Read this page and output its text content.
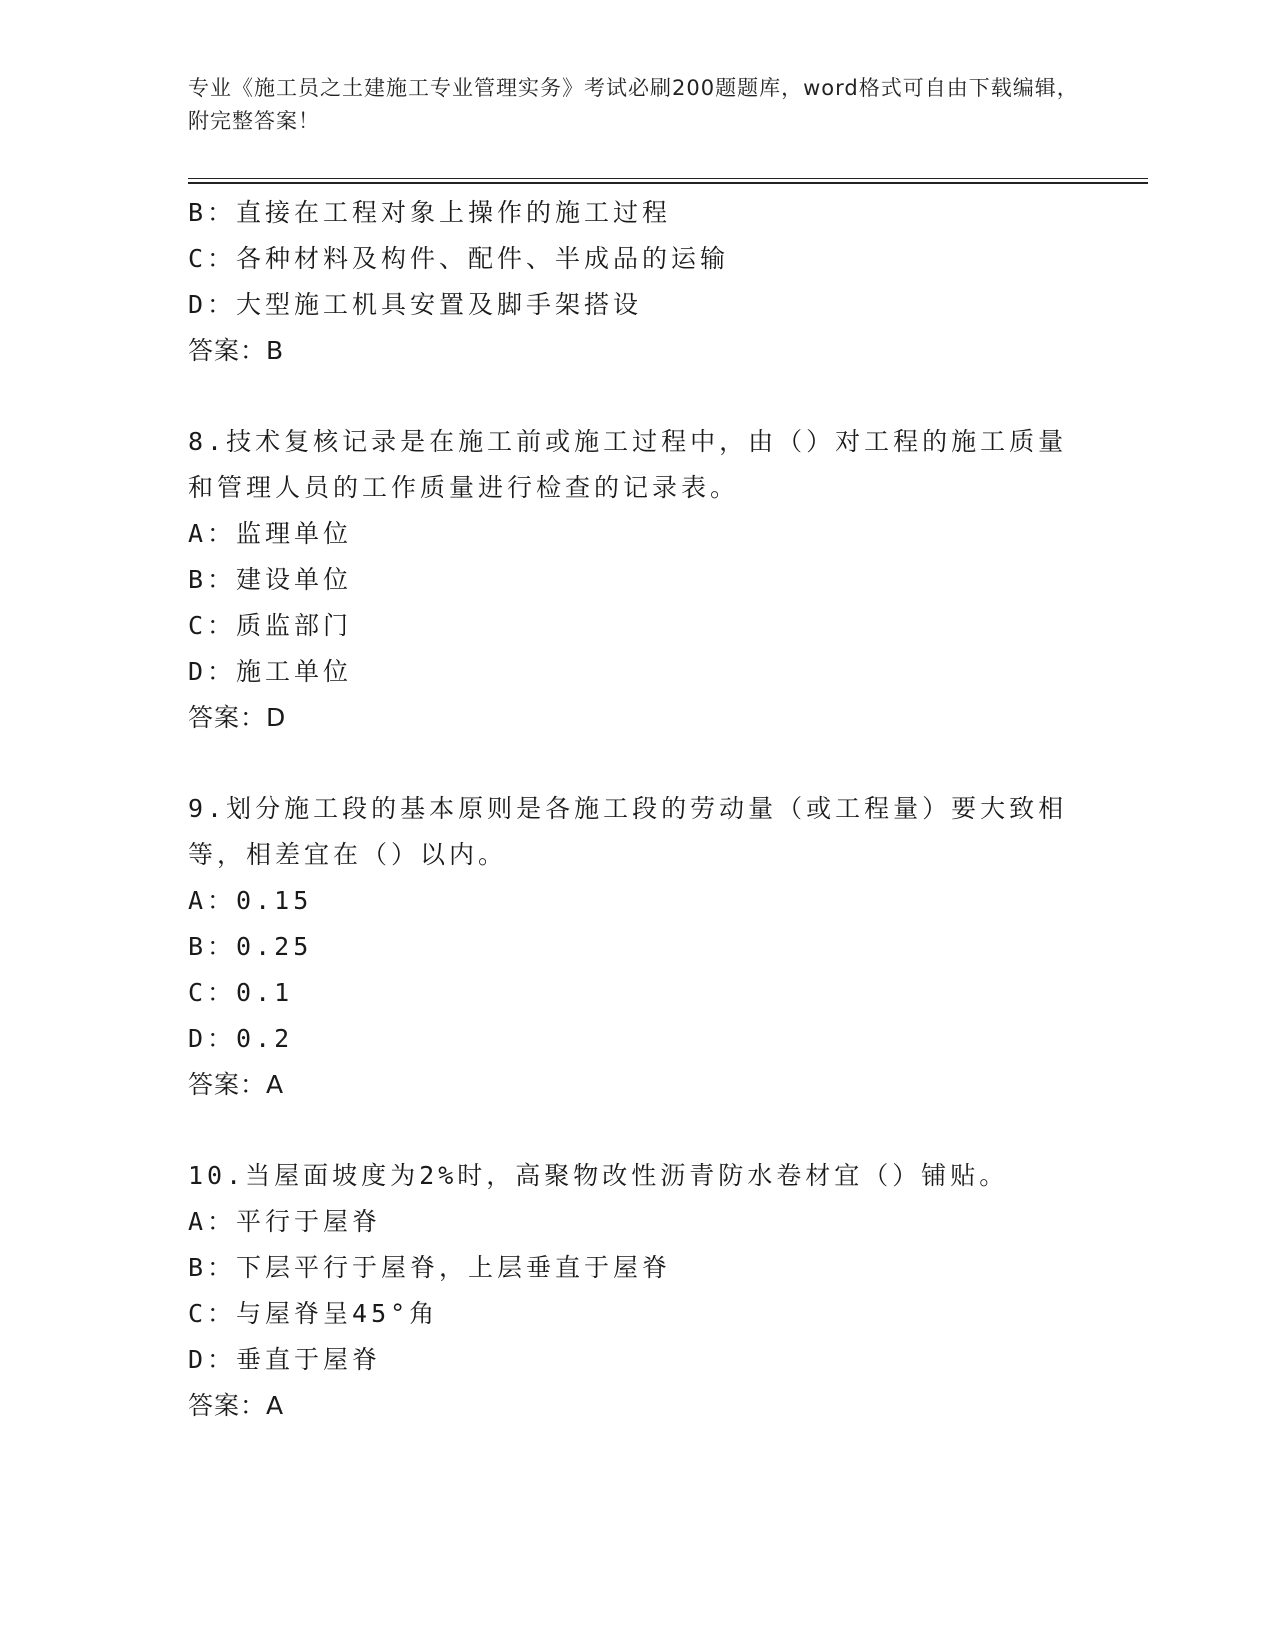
专业《施工员之土建施工专业管理实务》考试必刷200题题库，word格式可自由下载编辑，附完整答案！

B：直接在工程对象上操作的施工过程

C：各种材料及构件、配件、半成品的运输

D：大型施工机具安置及脚手架搭设

答案：B

8.技术复核记录是在施工前或施工过程中，由（）对工程的施工质量

和管理人员的工作质量进行检查的记录表。

A：监理单位

B：建设单位

C：质监部门

D：施工单位

答案：D

9.划分施工段的基本原则是各施工段的劳动量（或工程量）要大致相

等，相差宜在（）以内。

A：0.15

B：0.25

C：0.1

D：0.2

答案：A

10.当屋面坡度为2%时，高聚物改性沥青防水卷材宜（）铺贴。

A：平行于屋脊

B：下层平行于屋脊，上层垂直于屋脊

C：与屋脊呈45°角

D：垂直于屋脊

答案：A
